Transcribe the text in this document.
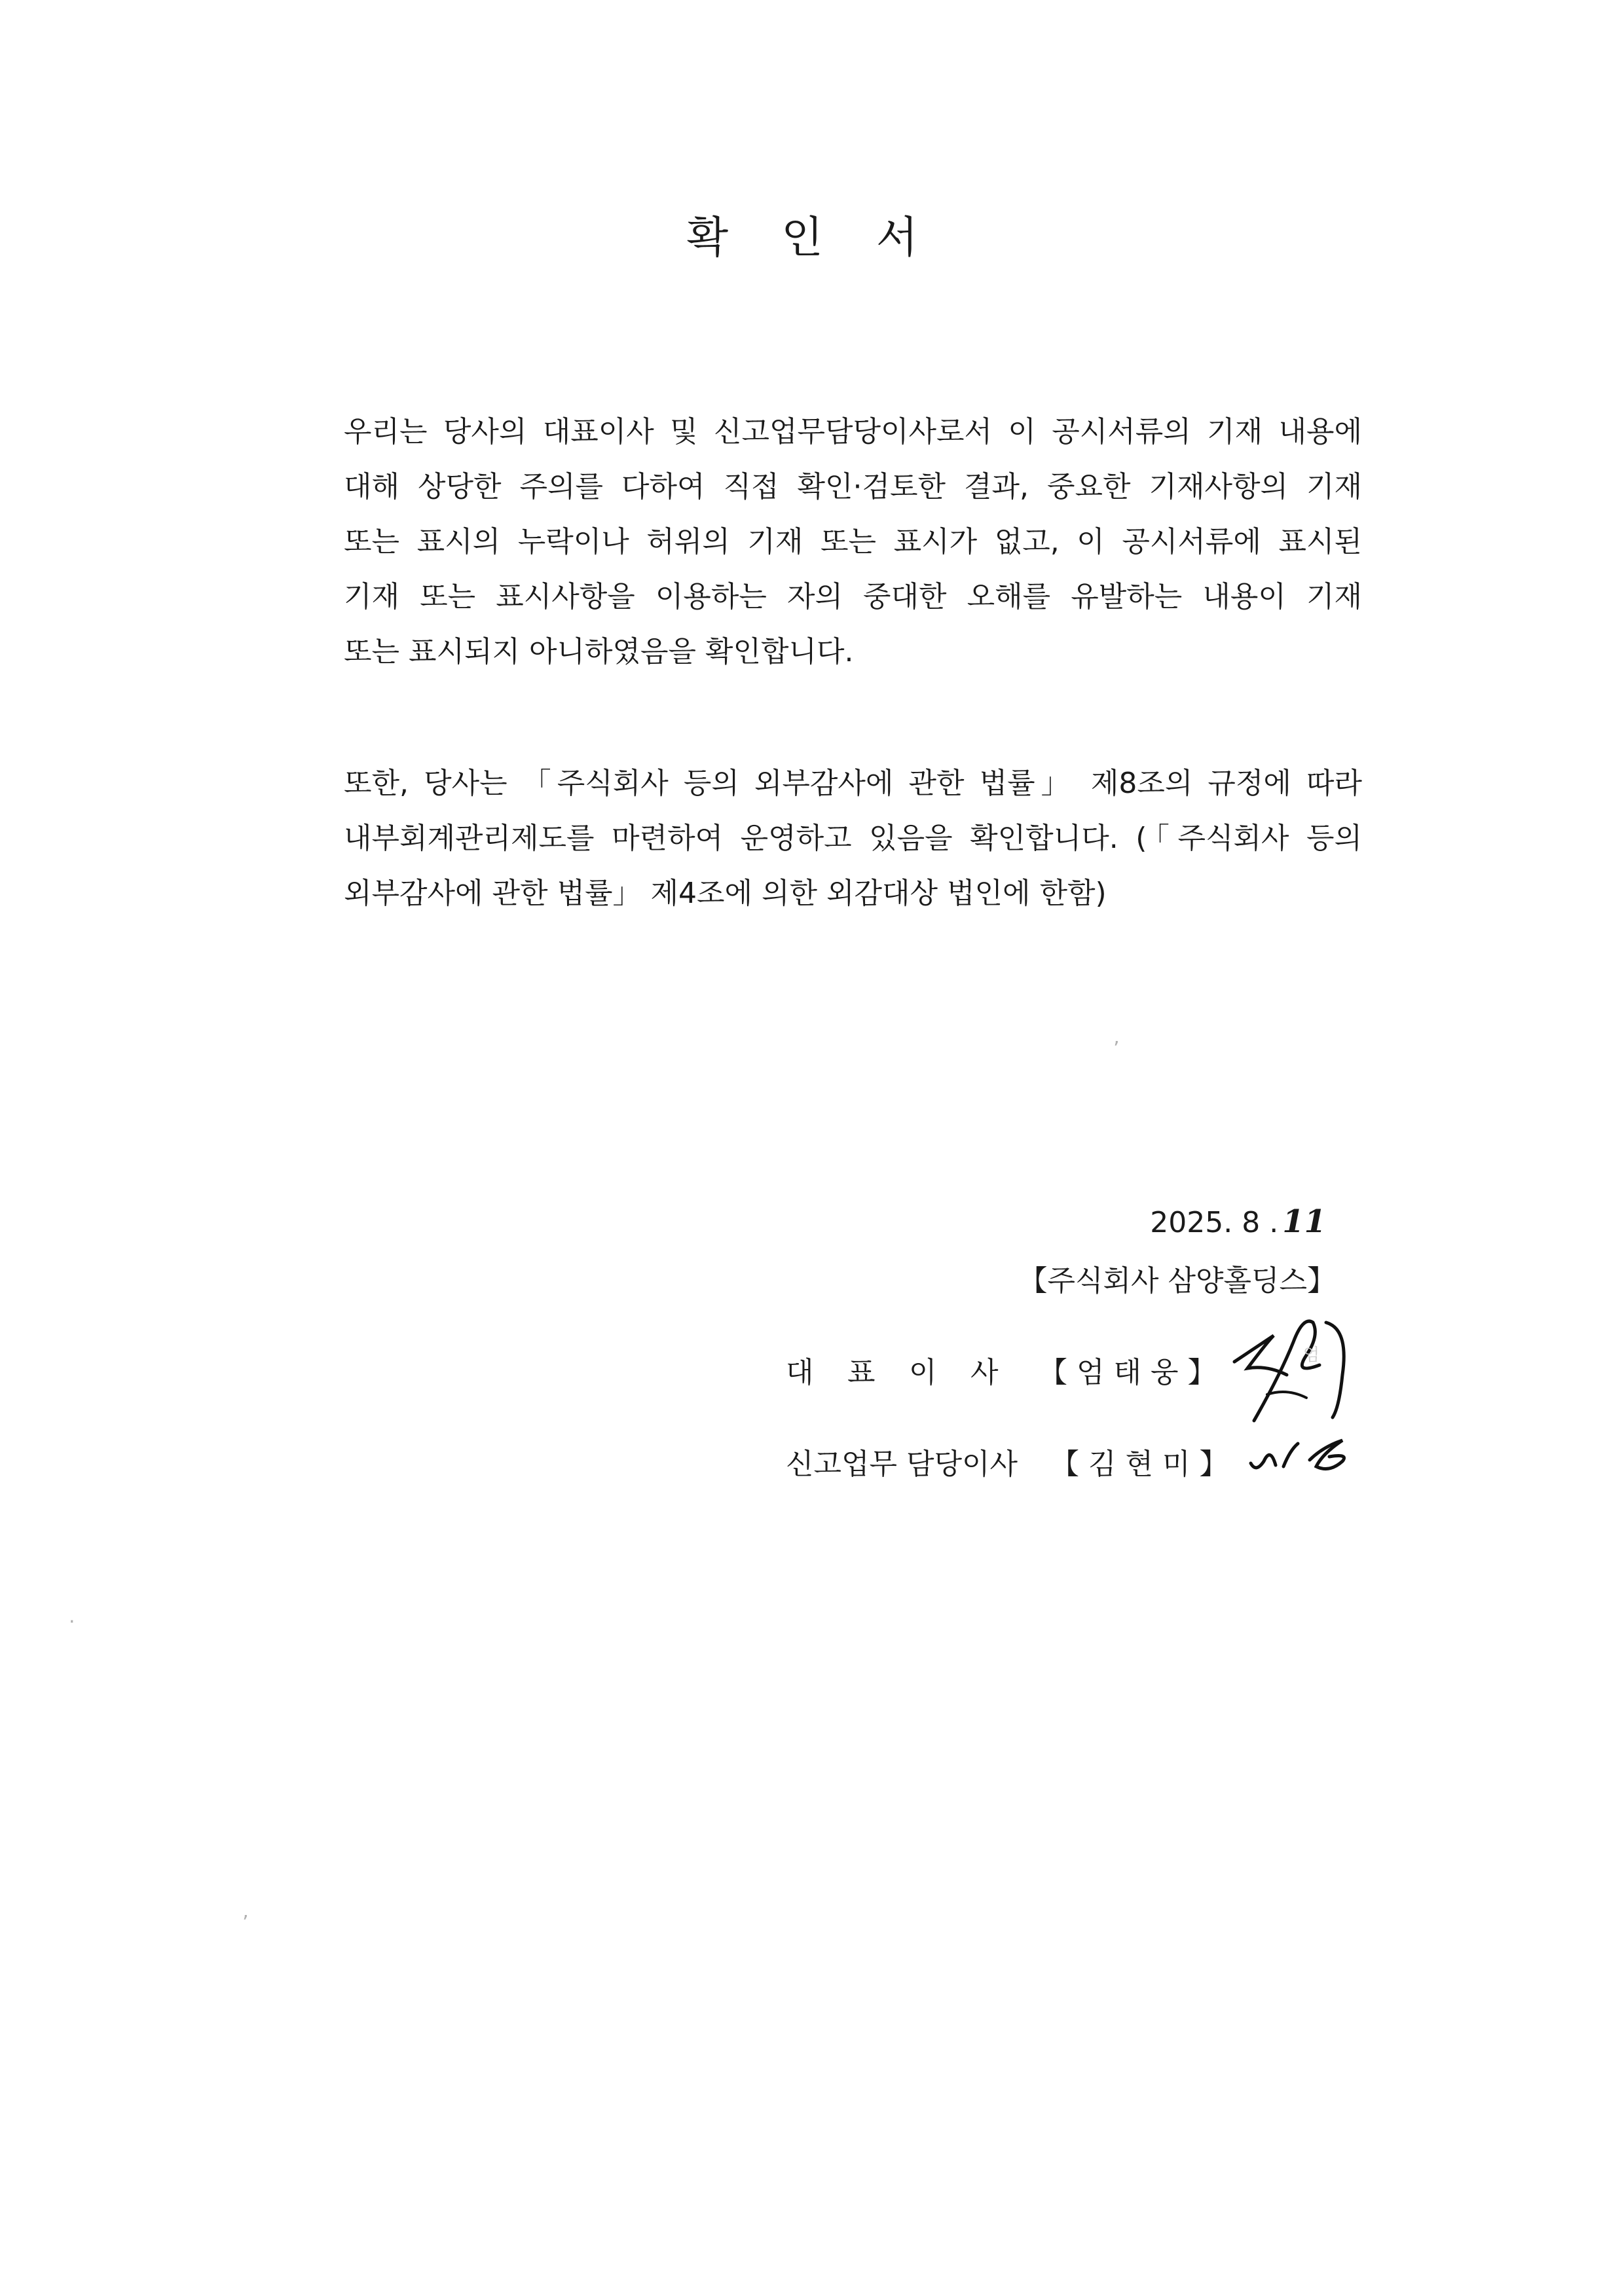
확 인 서
우리는 당사의 대표이사 및 신고업무담당이사로서 이 공시서류의 기재 내용에
대해 상당한 주의를 다하여 직접 확인·검토한 결과, 중요한 기재사항의 기재
또는 표시의 누락이나 허위의 기재 또는 표시가 없고, 이 공시서류에 표시된
기재 또는 표시사항을 이용하는 자의 중대한 오해를 유발하는 내용이 기재
또는 표시되지 아니하였음을 확인합니다.
또한, 당사는 「주식회사 등의 외부감사에 관한 법률」 제8조의 규정에 따라
내부회계관리제도를 마련하여 운영하고 있음을 확인합니다. (「주식회사 등의
외부감사에 관한 법률」 제4조에 의한 외감대상 법인에 한함)
2025. 8 . 11
【주식회사 삼양홀딩스】
대 표 이 사 【 엄 태 웅 】
신고업무 담당이사 【 김 현 미 】
엄
ʼ
·
ʼ
